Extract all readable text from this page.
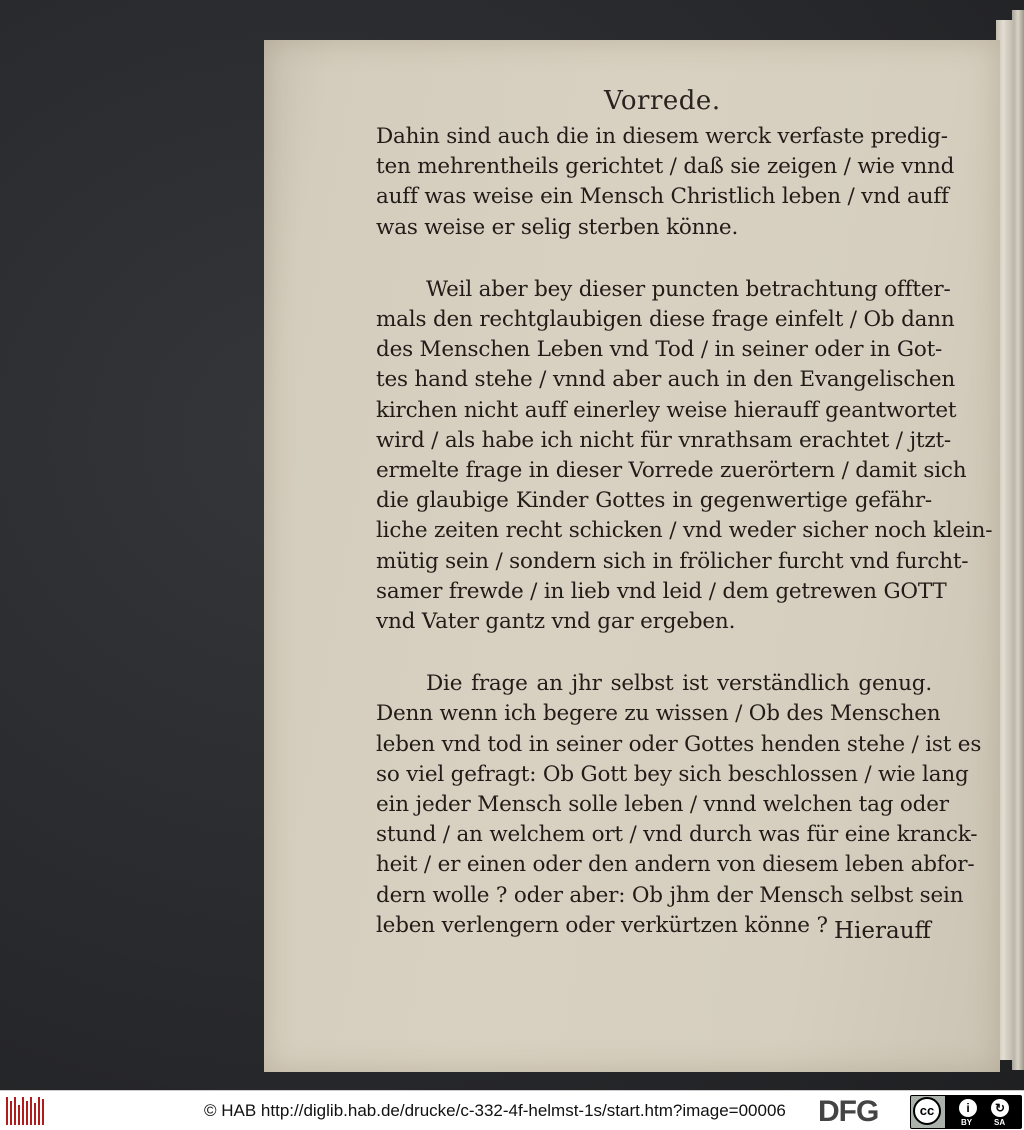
Vorrede.
Dahin sind auch die in diesem werck verfaste predig-
ten mehrentheils gerichtet / daß sie zeigen / wie vnnd
auff was weise ein Mensch Christlich leben / vnd auff
was weise er selig sterben könne.
Weil aber bey dieser puncten betrachtung offter-
mals den rechtglaubigen diese frage einfelt / Ob dann
des Menschen Leben vnd Tod / in seiner oder in Got-
tes hand stehe / vnnd aber auch in den Evangelischen
kirchen nicht auff einerley weise hierauff geantwortet
wird / als habe ich nicht für vnrathsam erachtet / jtzt-
ermelte frage in dieser Vorrede zuerörtern / damit sich
die glaubige Kinder Gottes in gegenwertige gefähr-
liche zeiten recht schicken / vnd weder sicher noch klein-
mütig sein / sondern sich in frölicher furcht vnd furcht-
samer frewde / in lieb vnd leid / dem getrewen GOTT
vnd Vater gantz vnd gar ergeben.
Die frage an jhr selbst ist verständlich genug.
Denn wenn ich begere zu wissen / Ob des Menschen
leben vnd tod in seiner oder Gottes henden stehe / ist es
so viel gefragt: Ob Gott bey sich beschlossen / wie lang
ein jeder Mensch solle leben / vnnd welchen tag oder
stund / an welchem ort / vnd durch was für eine kranck-
heit / er einen oder den andern von diesem leben abfor-
dern wolle ? oder aber: Ob jhm der Mensch selbst sein
leben verlengern oder verkürtzen könne ? Hierauff
© HAB http://diglib.hab.de/drucke/c-332-4f-helmst-1s/start.htm?image=00006 DFG	cc	i	↻
BY	SA
